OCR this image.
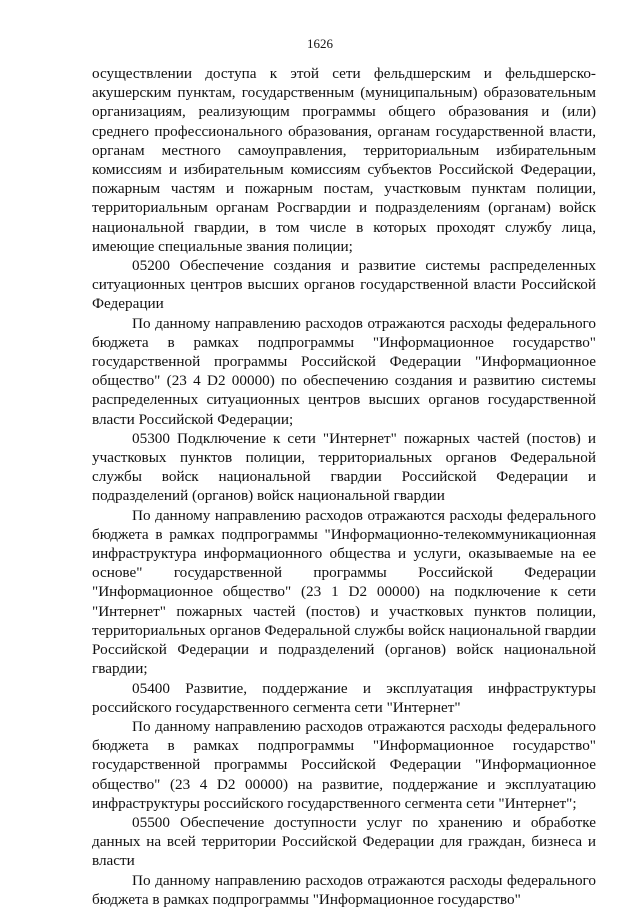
1626

осуществлении доступа к этой сети фельдшерским и фельдшерско-акушерским пунктам, государственным (муниципальным) образовательным организациям, реализующим программы общего образования и (или) среднего профессионального образования, органам государственной власти, органам местного самоуправления, территориальным избирательным комиссиям и избирательным комиссиям субъектов Российской Федерации, пожарным частям и пожарным постам, участковым пунктам полиции, территориальным органам Росгвардии и подразделениям (органам) войск национальной гвардии, в том числе в которых проходят службу лица, имеющие специальные звания полиции;

05200 Обеспечение создания и развитие системы распределенных ситуационных центров высших органов государственной власти Российской Федерации

По данному направлению расходов отражаются расходы федерального бюджета в рамках подпрограммы "Информационное государство" государственной программы Российской Федерации "Информационное общество" (23 4 D2 00000) по обеспечению создания и развитию системы распределенных ситуационных центров высших органов государственной власти Российской Федерации;

05300 Подключение к сети "Интернет" пожарных частей (постов) и участковых пунктов полиции, территориальных органов Федеральной службы войск национальной гвардии Российской Федерации и подразделений (органов) войск национальной гвардии

По данному направлению расходов отражаются расходы федерального бюджета в рамках подпрограммы "Информационно-телекоммуникационная инфраструктура информационного общества и услуги, оказываемые на ее основе" государственной программы Российской Федерации "Информационное общество" (23 1 D2 00000) на подключение к сети "Интернет" пожарных частей (постов) и участковых пунктов полиции, территориальных органов Федеральной службы войск национальной гвардии Российской Федерации и подразделений (органов) войск национальной гвардии;

05400 Развитие, поддержание и эксплуатация инфраструктуры российского государственного сегмента сети "Интернет"

По данному направлению расходов отражаются расходы федерального бюджета в рамках подпрограммы "Информационное государство" государственной программы Российской Федерации "Информационное общество" (23 4 D2 00000) на развитие, поддержание и эксплуатацию инфраструктуры российского государственного сегмента сети "Интернет";

05500 Обеспечение доступности услуг по хранению и обработке данных на всей территории Российской Федерации для граждан, бизнеса и власти

По данному направлению расходов отражаются расходы федерального бюджета в рамках подпрограммы "Информационное государство"
